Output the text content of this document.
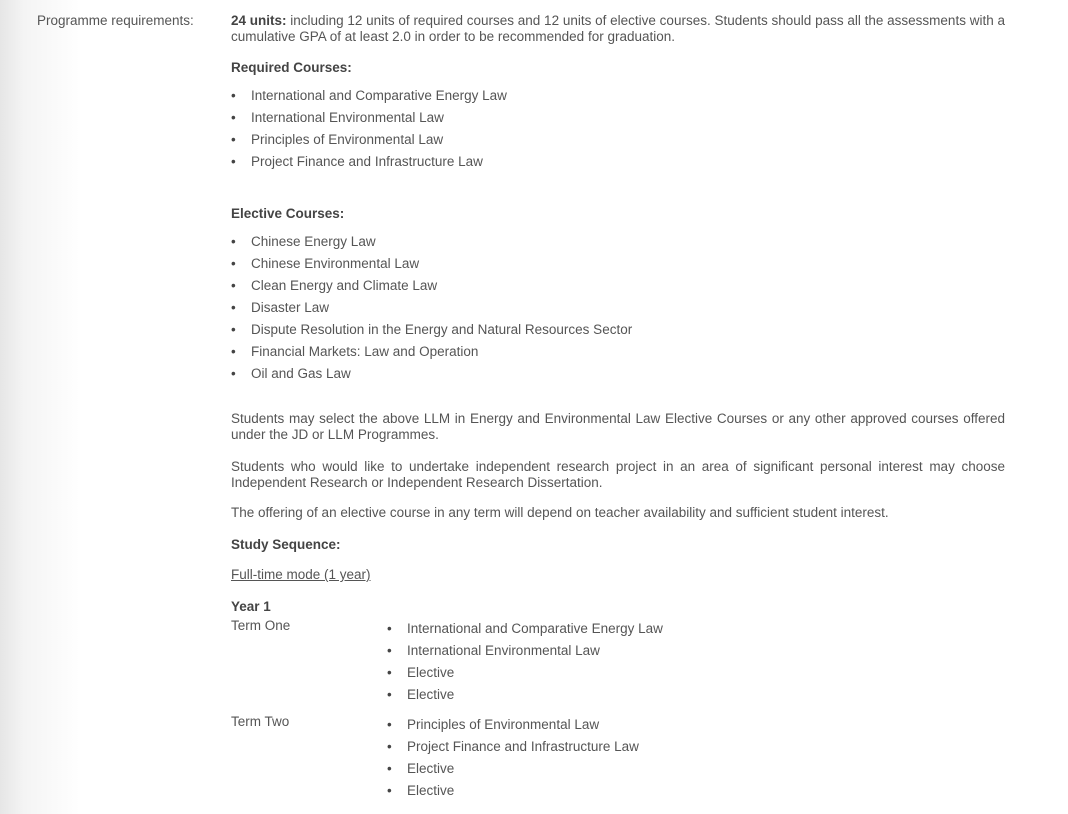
Programme requirements:	24 units: including 12 units of required courses and 12 units of elective courses. Students should pass all the assessments with a cumulative GPA of at least 2.0 in order to be recommended for graduation.

Required Courses:

• International and Comparative Energy Law
• International Environmental Law
• Principles of Environmental Law
• Project Finance and Infrastructure Law

Elective Courses:

• Chinese Energy Law
• Chinese Environmental Law
• Clean Energy and Climate Law
• Disaster Law
• Dispute Resolution in the Energy and Natural Resources Sector
• Financial Markets: Law and Operation
• Oil and Gas Law

Students may select the above LLM in Energy and Environmental Law Elective Courses or any other approved courses offered under the JD or LLM Programmes.

Students who would like to undertake independent research project in an area of significant personal interest may choose Independent Research or Independent Research Dissertation.

The offering of an elective course in any term will depend on teacher availability and sufficient student interest.

Study Sequence:

Full-time mode (1 year)

Year 1

Term One	• International and Comparative Energy Law
• International Environmental Law
• Elective
• Elective
Term Two	• Principles of Environmental Law
• Project Finance and Infrastructure Law
• Elective
• Elective
